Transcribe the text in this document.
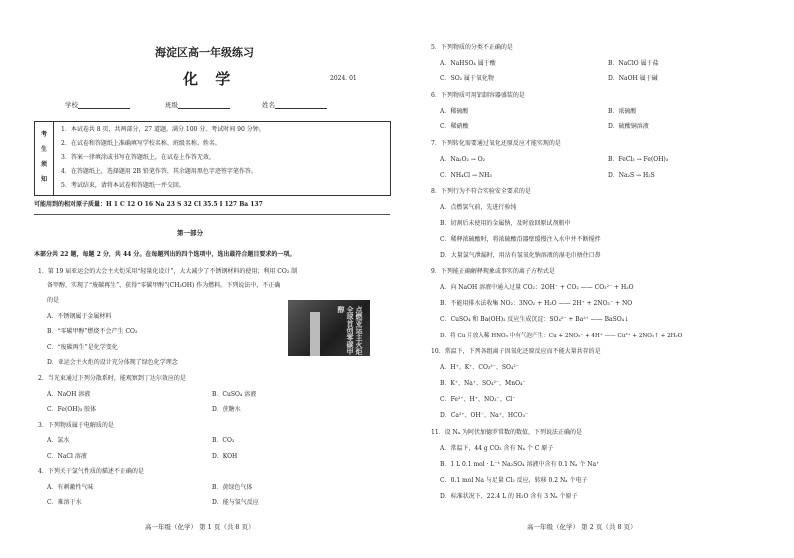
海淀区高一年级练习
化 学	2024. 01
学校	班级	姓名
考
生
须
知
1．本试卷共 8 页，共两部分，27 道题，满分 100 分。考试时间 90 分钟。
2．在试卷和答题纸上准确填写学校名称、班级名称、姓名。
3．答案一律填涂或书写在答题纸上，在试卷上作答无效。
4．在答题纸上，选择题用 2B 铅笔作答，其余题用黑色字迹签字笔作答。
5．考试结束，请将本试卷和答题纸一并交回。
可能用到的相对原子质量：H 1 C 12 O 16 Na 23 S 32 Cl 35.5 I 127 Ba 137
第一部分
本部分共 22 题，每题 2 分，共 44 分。在每题列出的四个选项中，选出最符合题目要求的一项。
1．第 19 届亚运会的大会主火炬采用“轻量化设计”，大大减少了不锈钢材料的使用；利用 CO₂ 制
备甲醇，实现了“废碳再生”，获得“零碳甲醇”(CH₃OH) 作为燃料。下列说法中，不正确
的是
A．不锈钢属于金属材料
B．“零碳甲醇”燃烧不会产生 CO₂
C．“废碳再生”是化学变化
D．亚运会主火炬的设计充分体现了绿色化学理念
点燃亚运主火炬 全球首创零碳甲醇
2．当光束通过下列分散系时，能观察到丁达尔效应的是
A．NaOH 溶液	B．CuSO₄ 溶液
C．Fe(OH)₃ 胶体	D．蔗糖水
3．下列物质属于电解质的是
A．氯水	B．CO₂
C．NaCl 溶液	D．KOH
4．下列关于氯气性质的描述不正确的是
A．有刺激性气味	B．黄绿色气体
C．难溶于水	D．能与氢气反应
高一年级（化学） 第 1 页（共 8 页）
5．下列物质的分类不正确的是
A．NaHSO₄ 属于酸	B．NaClO 属于盐
C．SO₂ 属于氧化物	D．NaOH 属于碱
6．下列物质可用铝制容器盛装的是
A．稀硫酸	B．浓硫酸
C．稀硝酸	D．硫酸铜溶液
7．下列转化需要通过氧化还原反应才能实现的是
A．Na₂O₂ → O₂	B．FeCl₃ → Fe(OH)₃
C．NH₄Cl → NH₃	D．Na₂S → H₂S
8．下列行为不符合实验安全要求的是
A．点燃氢气前，先进行验纯
B．切割后未使用的金属钠，及时放回原试剂瓶中
C．稀释浓硫酸时，将浓硫酸沿器壁缓慢注入水中并不断搅拌
D．大量氯气泄漏时，用沾有氢氧化钠溶液的湿毛巾捂住口鼻
9．下列能正确解释现象或事实的离子方程式是
A．向 NaOH 溶液中通入过量 CO₂：2OH⁻ + CO₂ —— CO₃²⁻ + H₂O
B．不能用排水法收集 NO₂：3NO₂ + H₂O —— 2H⁺ + 2NO₃⁻ + NO
C．CuSO₄ 和 Ba(OH)₂ 反应生成沉淀：SO₄²⁻ + Ba²⁺ —— BaSO₄↓
D．将 Cu 片放入稀 HNO₃ 中有气泡产生：Cu + 2NO₃⁻ + 4H⁺ —— Cu²⁺ + 2NO₂↑ + 2H₂O
10．常温下，下列各组离子因氧化还原反应而不能大量共存的是
A．H⁺、K⁺、CO₃²⁻、SO₄²⁻
B．K⁺、Na⁺、SO₄²⁻、MnO₄⁻
C．Fe²⁺、H⁺、NO₃⁻、Cl⁻
D．Ca²⁺、OH⁻、Na⁺、HCO₃⁻
11．设 Nₐ 为阿伏加德罗常数的数值，下列说法正确的是
A．常温下，44 g CO₂ 含有 Nₐ 个 C 原子
B．1 L 0.1 mol · L⁻¹ Na₂SO₄ 溶液中含有 0.1 Nₐ 个 Na⁺
C．0.1 mol Na 与足量 Cl₂ 反应，转移 0.2 Nₐ 个电子
D．标准状况下，22.4 L 的 H₂O 含有 3 Nₐ 个原子
高一年级（化学） 第 2 页（共 8 页）
